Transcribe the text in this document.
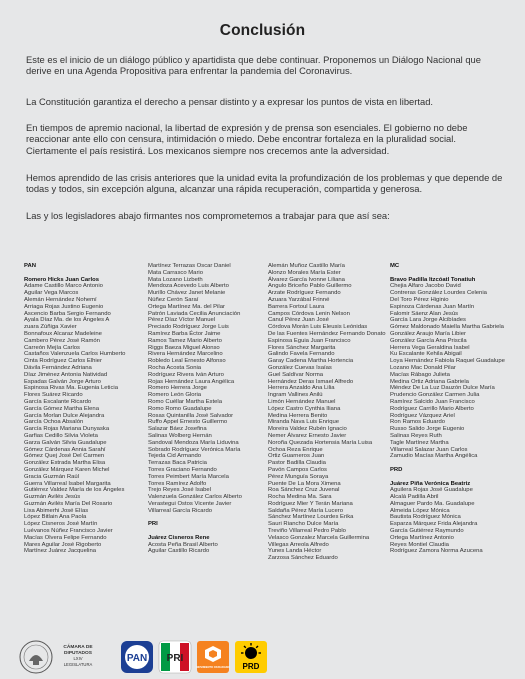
Conclusión

Este es el inicio de un diálogo público y apartidista que debe continuar. Proponemos un Diálogo Nacional que derive en una Agenda Propositiva para enfrentar la pandemia del Coronavirus.

La Constitución garantiza el derecho a pensar distinto y a expresar los puntos de vista en libertad.

En tiempos de apremio nacional, la libertad de expresión y de prensa son esenciales. El gobierno no debe reaccionar ante ello con censura, intimidación o miedo. Debe encontrar fortaleza en la pluralidad social. Ciertamente el país resistirá. Los mexicanos siempre nos crecemos ante la adversidad.

Hemos aprendido de las crisis anteriores que la unidad evita la profundización de los problemas y que depende de todas y todos, sin excepción alguna, alcanzar una rápida recuperación, compartida y generosa.

Las y los legisladores abajo firmantes nos comprometemos a trabajar para que así sea:

PAN
Romero Hicks Juan Carlos
Adame Castillo Marco Antonio
Aguilar Vega Marcos
Alemán Hernández Nohemí
Arriaga Rojas Justino Eugenio
Ascencio Barba Sergio Fernando
Ayala Díaz Ma. de los Ángeles A
zuara Zúñiga Xavier
Bonnafoux Alcaraz Madeleine
Cambero Pérez José Ramón
Carreón Mejía Carlos
Castaños Valenzuela Carlos Humberto
Cinta Rodríguez Carlos Elhier
Dávila Fernández Adriana
Díaz Jiménez Antonia Natividad
Espadas Galván Jorge Arturo
Espinosa Rivas Ma. Eugenia Leticia
Flores Suárez Ricardo
García Escalante Ricardo
García Gómez Martha Elena
García Morlan Dulce Alejandra
García Ochoa Absalón
García Rojas Mariana Dunyaska
Garfias Cedillo Silvia Violeta
Garza Galván Silvia Guadalupe
Gómez Cárdenas Annia Sarahí
Gómez Quej José Del Carmen
González Estrada Martha Elisa
González Márquez Karen Michel
Gracia Guzmán Raúl
Guerra Villarreal Isabel Margarita
Gutiérrez Valdez María de los Ángeles
Guzmán Avilés Jesús
Guzmán Avilés María Del Rosario
Lixa Abimerhi José Elías
López Bitlain Ana Paola
López Cisneros José Martín
Luévanos Núñez Francisco Javier
Macías Olvera Felipe Fernando
Mares Aguilar José Rigoberto
Martínez Juárez Jacquelina
Martínez Terrazas Oscar Daniel
Mata Carrasco Mario
Mata Lozano Lizbeth
Mendoza Acevedo Luis Alberto
Murillo Chávez Janet Melanie
Núñez Cerón Saraí
Ortega Martínez Ma. del Pilar
Patrón Laviada Cecilia Anunciación
Pérez Díaz Víctor Manuel
Preciado Rodríguez Jorge Luis
Ramírez Barba Éctor Jaime
Ramos Tamez Mario Alberto
Riggs Baeza Miguel Alonso
Rivera Hernández Marcelino
Robledo Leal Ernesto Alfonso
Rocha Acosta Sonia
Rodríguez Rivera Iván Arturo
Rojas Hernández Laura Angélica
Romero Herrera Jorge
Romero León Gloria
Romo Cuéllar Martha Estela
Romo Romo Guadalupe
Rosas Quintanilla José Salvador
Ruffo Appel Ernesto Guillermo
Salazar Báez Josefina
Salinas Wolberg Hernán
Sandoval Mendoza María Liduvina
Sobrado Rodríguez Verónica María
Tejeda Cid Armando
Terrazas Baca Patricia
Torres Graciano Fernando
Torres Peimbert María Marcela
Torres Ramírez Adolfo
Trejo Reyes José Isabel
Valenzuela González Carlos Alberto
Verastegui Ostos Vicente Javier
Villarreal García Ricardo
PRI
Juárez Cisneros Rene
Acosta Peña Brasil Alberto
Aguilar Castillo Ricardo
Alemán Muñoz Castillo María
Alonzo Morales María Ester
Álvarez García Ivonne Liliana
Angulo Briceño Pablo Guillermo
Arzate Rodríguez Fernando
Azuara Yarzábal Frinné
Barrera Fortoul Laura
Campos Córdova Lenin Nelson
Canul Pérez Juan José
Córdova Morán Luis Eleusis Leónidas
De las Fuentes Hernández Fernando Donato
Espinosa Eguia Juan Francisco
Flores Sánchez Margarita
Galindo Favela Fernando
Garay Cadena Martha Hortencia
González Cuevas Isaías
Guel Saldívar Norma
Hernández Deras Ismael Alfredo
Herrera Anzaldo Ana Lilia
Ingram Vallines Anilú
Limón Hernández Manuel
López Castro Cynthia Iliana
Medina Herrera Benito
Miranda Nava Luis Enrique
Moreira Valdez Rubén Ignacio
Nemer Álvarez Ernesto Javier
Noroña Quezada Hortensia María Luisa
Ochoa Reza Enrique
Ortiz Guarneros Juan
Pastor Badilla Claudia
Pavón Campos Carlos
Pérez Munguía Soraya
Puente De La Mora Ximena
Roa Sánchez Cruz Juvenal
Rocha Medina Ma. Sara
Rodríguez Mier Y Terán Mariana
Saldaña Pérez María Lucero
Sánchez Martínez Lourdes Erika
Sauri Riancho Dulce María
Treviño Villarreal Pedro Pablo
Velasco Gonzalez Marcela Guillermina
Villegas Arreola Alfredo
Yunes Landa Héctor
Zarzosa Sánchez Eduardo
MC
Bravo Padilla Itzcóatl Tonatiuh
Chejia Alfaro Jacobo David
Contreras González Lourdes Celenia
Del Toro Pérez Higinio
Espinoza Cárdenas Juan Martín
Falomir Sáenz Alan Jesús
García Lara Jorge Alcibíades
Gómez Maldonado Maiella Martha Gabriela
González Araujo María Libier
González García Ana Priscila
Herrera Vega Geraldina Isabel
Ku Escalante Kehila Abigail
Loya Hernández Fabiola Raquel Guadalupe
Lozano Mac Donald Pilar
Macías Rábago Julieta
Medina Ortiz Adriana Gabriela
Méndez De La Luz Dauzón Dulce María
Prudencio González Carmen Julia
Ramírez Salcido Juan Francisco
Rodríguez Carrillo Mario Alberto
Rodríguez Vázquez Ariel
Ron Ramos Eduardo
Russo Salido Jorge Eugenio
Salinas Reyes Ruth
Tagle Martínez Martha
Villarreal Salazar Juan Carlos
Zamudio Macías Martha Angélica
PRD
Juárez Piña Verónica Beatriz
Aguilera Rojas José Guadalupe
Alcalá Padilla Abril
Almaguer Pardo Ma. Guadalupe
Almeida López Mónica
Bautista Rodríguez Mónica
Esparza Márquez Frida Alejandra
García Gutiérrez Raymundo
Ortega Martínez Antonio
Reyes Montiel Claudia
Rodríguez Zamora Norma Azucena
CÁMARA DE DIPUTADOS
LXIV LEGISLATURA
PAN PRI
MOVIMIENTO CIUDADANO PRD
